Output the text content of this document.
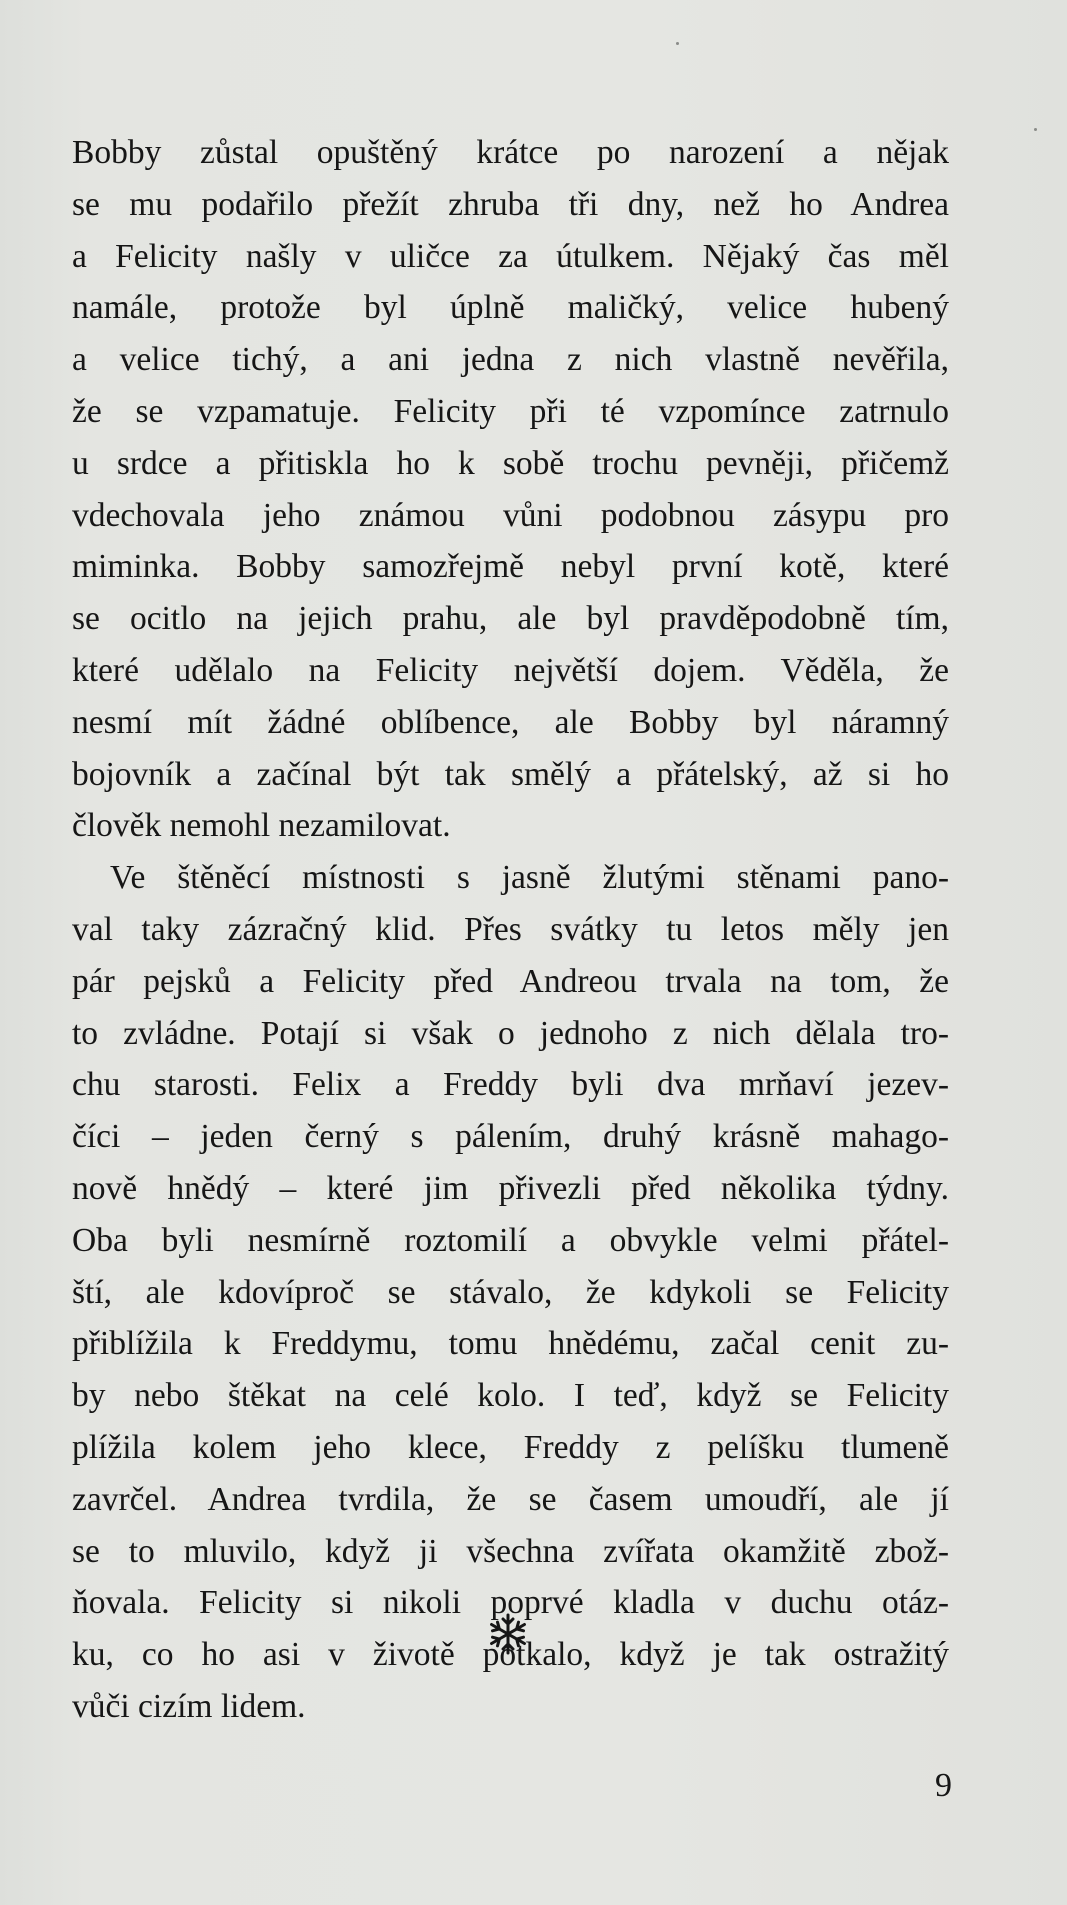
Bobby zůstal opuštěný krátce po narození a nějak
se mu podařilo přežít zhruba tři dny, než ho Andrea
a Felicity našly v uličce za útulkem. Nějaký čas měl
namále, protože byl úplně maličký, velice hubený
a velice tichý, a ani jedna z nich vlastně nevěřila,
že se vzpamatuje. Felicity při té vzpomínce zatrnulo
u srdce a přitiskla ho k sobě trochu pevněji, přičemž
vdechovala jeho známou vůni podobnou zásypu pro
miminka. Bobby samozřejmě nebyl první kotě, které
se ocitlo na jejich prahu, ale byl pravděpodobně tím,
které udělalo na Felicity největší dojem. Věděla, že
nesmí mít žádné oblíbence, ale Bobby byl náramný
bojovník a začínal být tak smělý a přátelský, až si ho
člověk nemohl nezamilovat.
Ve štěněcí místnosti s jasně žlutými stěnami pano-
val taky zázračný klid. Přes svátky tu letos měly jen
pár pejsků a Felicity před Andreou trvala na tom, že
to zvládne. Potají si však o jednoho z nich dělala tro-
chu starosti. Felix a Freddy byli dva mrňaví jezev-
čí​ci – jeden černý s pálením, druhý krásně mahago-
nově hnědý – které jim přivezli před několika týdny.
Oba byli nesmírně roztomilí a obvykle velmi přátel-
ští, ale kdovíproč se stávalo, že kdykoli se Felicity
přiblížila k Freddymu, tomu hnědému, začal cenit zu-
by nebo štěkat na celé kolo. I teď, když se Felicity
plížila kolem jeho klece, Freddy z pelíšku tlumeně
zavrčel. Andrea tvrdila, že se časem umoudří, ale jí
se to mluvilo, když ji všechna zvířata okamžitě zbož-
ňovala. Felicity si nikoli poprvé kladla v duchu otáz-
ku, co ho asi v životě potkalo, když je tak ostražitý
vůči cizím lidem.
9
